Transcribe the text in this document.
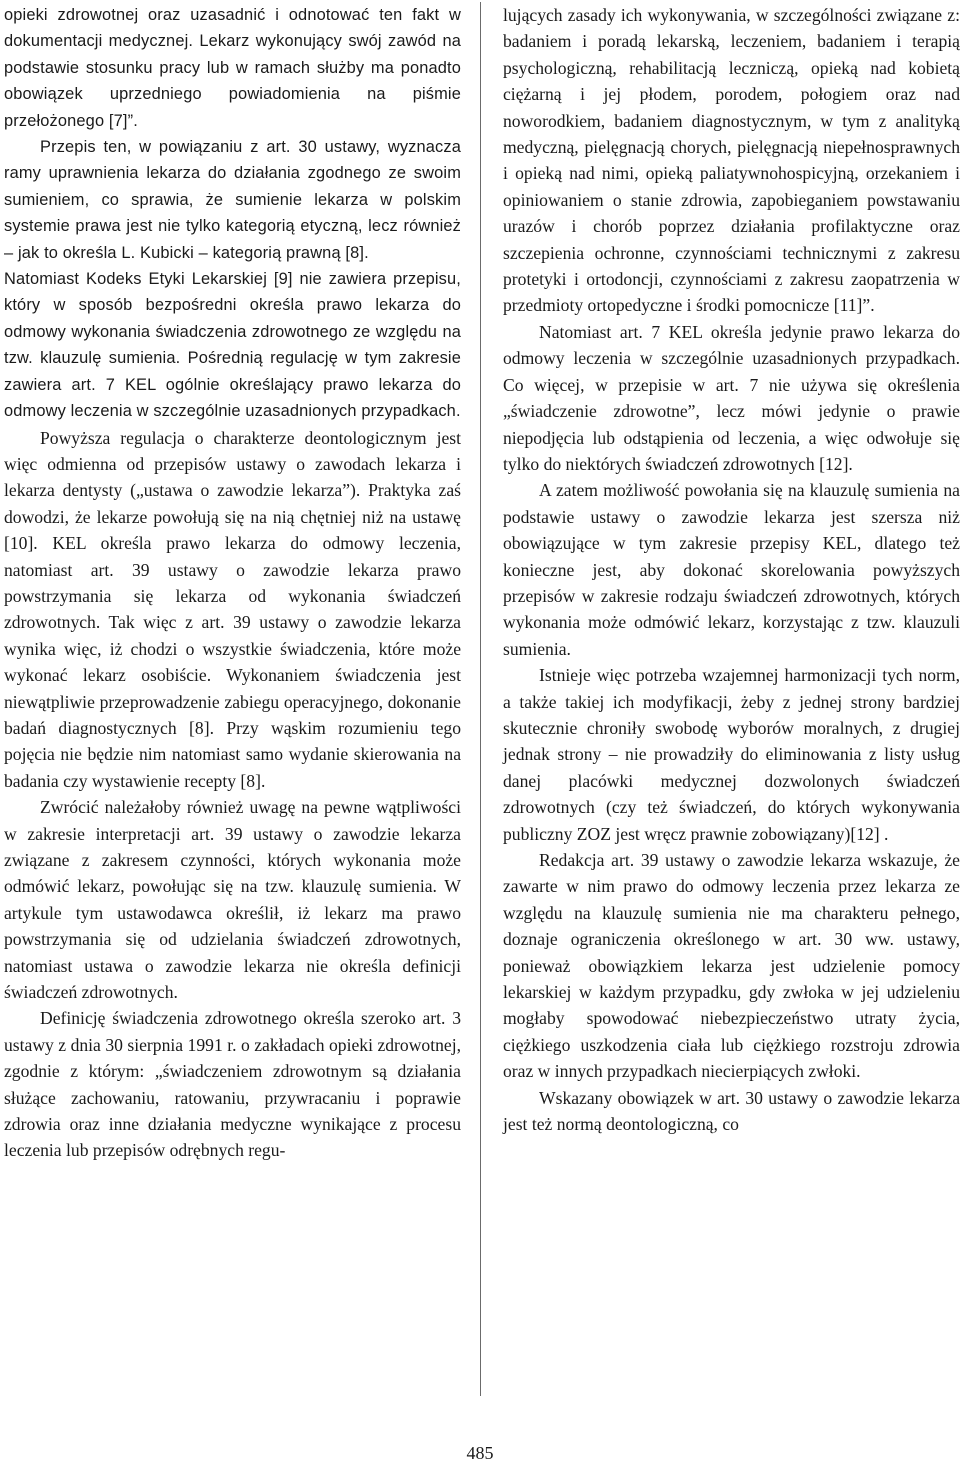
opieki zdrowotnej oraz uzasadnić i odnotować ten fakt w dokumentacji medycznej. Lekarz wykonujący swój zawód na podstawie stosunku pracy lub w ramach służby ma ponadto obowiązek uprzedniego powiadomienia na piśmie przełożonego [7]”.

Przepis ten, w powiązaniu z art. 30 ustawy, wyznacza ramy uprawnienia lekarza do działania zgodnego ze swoim sumieniem, co sprawia, że sumienie lekarza w polskim systemie prawa jest nie tylko kategorią etyczną, lecz również – jak to określa L. Kubicki – kategorią prawną [8].

Natomiast Kodeks Etyki Lekarskiej [9] nie zawiera przepisu, który w sposób bezpośredni określa prawo lekarza do odmowy wykonania świadczenia zdrowotnego ze względu na tzw. klauzulę sumienia. Pośrednią regulację w tym zakresie zawiera art. 7 KEL ogólnie określający prawo lekarza do odmowy leczenia w szczególnie uzasadnionych przypadkach.

Powyższa regulacja o charakterze deontologicznym jest więc odmienna od przepisów ustawy o zawodach lekarza i lekarza dentysty („ustawa o zawodzie lekarza”). Praktyka zaś dowodzi, że lekarze powołują się na nią chętniej niż na ustawę [10]. KEL określa prawo lekarza do odmowy leczenia, natomiast art. 39 ustawy o zawodzie lekarza prawo powstrzymania się lekarza od wykonania świadczeń zdrowotnych. Tak więc z art. 39 ustawy o zawodzie lekarza wynika więc, iż chodzi o wszystkie świadczenia, które może wykonać lekarz osobiście. Wykonaniem świadczenia jest niewątpliwie przeprowadzenie zabiegu operacyjnego, dokonanie badań diagnostycznych [8]. Przy wąskim rozumieniu tego pojęcia nie będzie nim natomiast samo wydanie skierowania na badania czy wystawienie recepty [8].

Zwrócić należałoby również uwagę na pewne wątpliwości w zakresie interpretacji art. 39 ustawy o zawodzie lekarza związane z zakresem czynności, których wykonania może odmówić lekarz, powołując się na tzw. klauzulę sumienia. W artykule tym ustawodawca określił, iż lekarz ma prawo powstrzymania się od udzielania świadczeń zdrowotnych, natomiast ustawa o zawodzie lekarza nie określa definicji świadczeń zdrowotnych.

Definicję świadczenia zdrowotnego określa szeroko art. 3 ustawy z dnia 30 sierpnia 1991 r. o zakładach opieki zdrowotnej, zgodnie z którym: „świadczeniem zdrowotnym są działania służące zachowaniu, ratowaniu, przywracaniu i poprawie zdrowia oraz inne działania medyczne wynikające z procesu leczenia lub przepisów odrębnych regu-

lujących zasady ich wykonywania, w szczególności związane z: badaniem i poradą lekarską, leczeniem, badaniem i terapią psychologiczną, rehabilitacją leczniczą, opieką nad kobietą ciężarną i jej płodem, porodem, połogiem oraz nad noworodkiem, badaniem diagnostycznym, w tym z analityką medyczną, pielęgnacją chorych, pielęgnacją niepełnosprawnych i opieką nad nimi, opieką paliatywnohospicyjną, orzekaniem i opiniowaniem o stanie zdrowia, zapobieganiem powstawaniu urazów i chorób poprzez działania profilaktyczne oraz szczepienia ochronne, czynnościami technicznymi z zakresu protetyki i ortodoncji, czynnościami z zakresu zaopatrzenia w przedmioty ortopedyczne i środki pomocnicze [11]”.

Natomiast art. 7 KEL określa jedynie prawo lekarza do odmowy leczenia w szczególnie uzasadnionych przypadkach. Co więcej, w przepisie w art. 7 nie używa się określenia „świadczenie zdrowotne”, lecz mówi jedynie o prawie niepodjęcia lub odstąpienia od leczenia, a więc odwołuje się tylko do niektórych świadczeń zdrowotnych [12].

A zatem możliwość powołania się na klauzulę sumienia na podstawie ustawy o zawodzie lekarza jest szersza niż obowiązujące w tym zakresie przepisy KEL, dlatego też konieczne jest, aby dokonać skorelowania powyższych przepisów w zakresie rodzaju świadczeń zdrowotnych, których wykonania może odmówić lekarz, korzystając z tzw. klauzuli sumienia.

Istnieje więc potrzeba wzajemnej harmonizacji tych norm, a także takiej ich modyfikacji, żeby z jednej strony bardziej skutecznie chroniły swobodę wyborów moralnych, z drugiej jednak strony – nie prowadziły do eliminowania z listy usług danej placówki medycznej dozwolonych świadczeń zdrowotnych (czy też świadczeń, do których wykonywania publiczny ZOZ jest wręcz prawnie zobowiązany)[12] .

Redakcja art. 39 ustawy o zawodzie lekarza wskazuje, że zawarte w nim prawo do odmowy leczenia przez lekarza ze względu na klauzulę sumienia nie ma charakteru pełnego, doznaje ograniczenia określonego w art. 30 ww. ustawy, ponieważ obowiązkiem lekarza jest udzielenie pomocy lekarskiej w każdym przypadku, gdy zwłoka w jej udzieleniu mogłaby spowodować niebezpieczeństwo utraty życia, ciężkiego uszkodzenia ciała lub ciężkiego rozstroju zdrowia oraz w innych przypadkach niecierpiących zwłoki.

Wskazany obowiązek w art. 30 ustawy o zawodzie lekarza jest też normą deontologiczną, co

485
